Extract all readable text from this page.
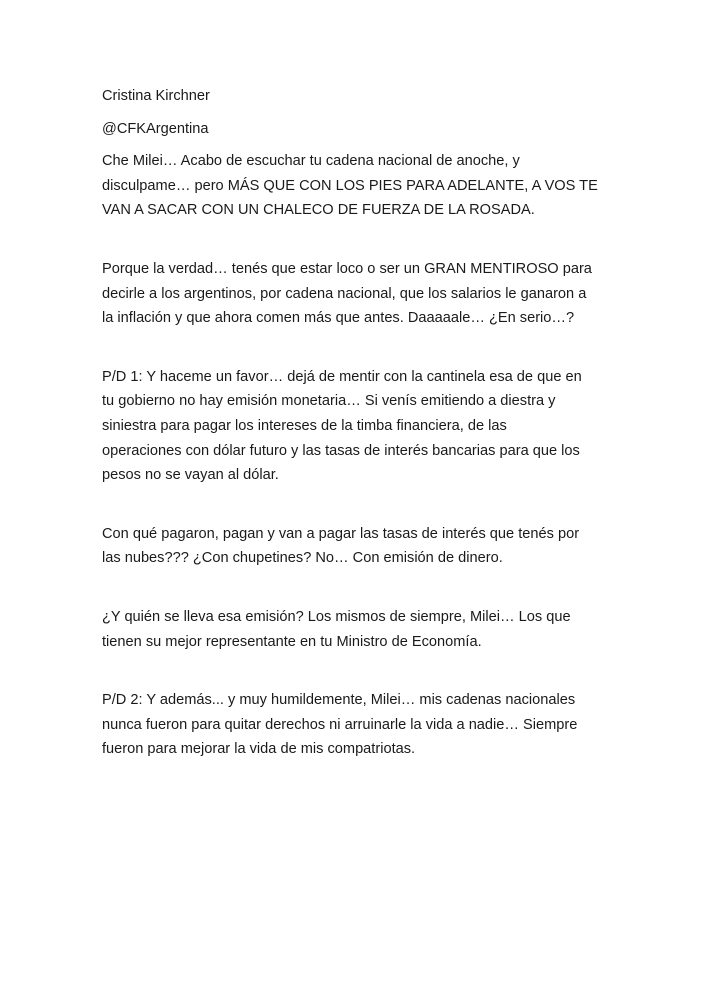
Cristina Kirchner

@CFKArgentina

Che Milei… Acabo de escuchar tu cadena nacional de anoche, y

disculpame… pero MÁS QUE CON LOS PIES PARA ADELANTE, A VOS TE

VAN A SACAR CON UN CHALECO DE FUERZA DE LA ROSADA.

Porque la verdad… tenés que estar loco o ser un GRAN MENTIROSO para

decirle a los argentinos, por cadena nacional, que los salarios le ganaron a

la inflación y que ahora comen más que antes. Daaaaale… ¿En serio…?

P/D 1: Y haceme un favor… dejá de mentir con la cantinela esa de que en

tu gobierno no hay emisión monetaria… Si venís emitiendo a diestra y

siniestra para pagar los intereses de la timba financiera, de las

operaciones con dólar futuro y las tasas de interés bancarias para que los

pesos no se vayan al dólar.

Con qué pagaron, pagan y van a pagar las tasas de interés que tenés por

las nubes??? ¿Con chupetines? No… Con emisión de dinero.

¿Y quién se lleva esa emisión? Los mismos de siempre, Milei… Los que

tienen su mejor representante en tu Ministro de Economía.

P/D 2: Y además... y muy humildemente, Milei… mis cadenas nacionales

nunca fueron para quitar derechos ni arruinarle la vida a nadie… Siempre

fueron para mejorar la vida de mis compatriotas.
